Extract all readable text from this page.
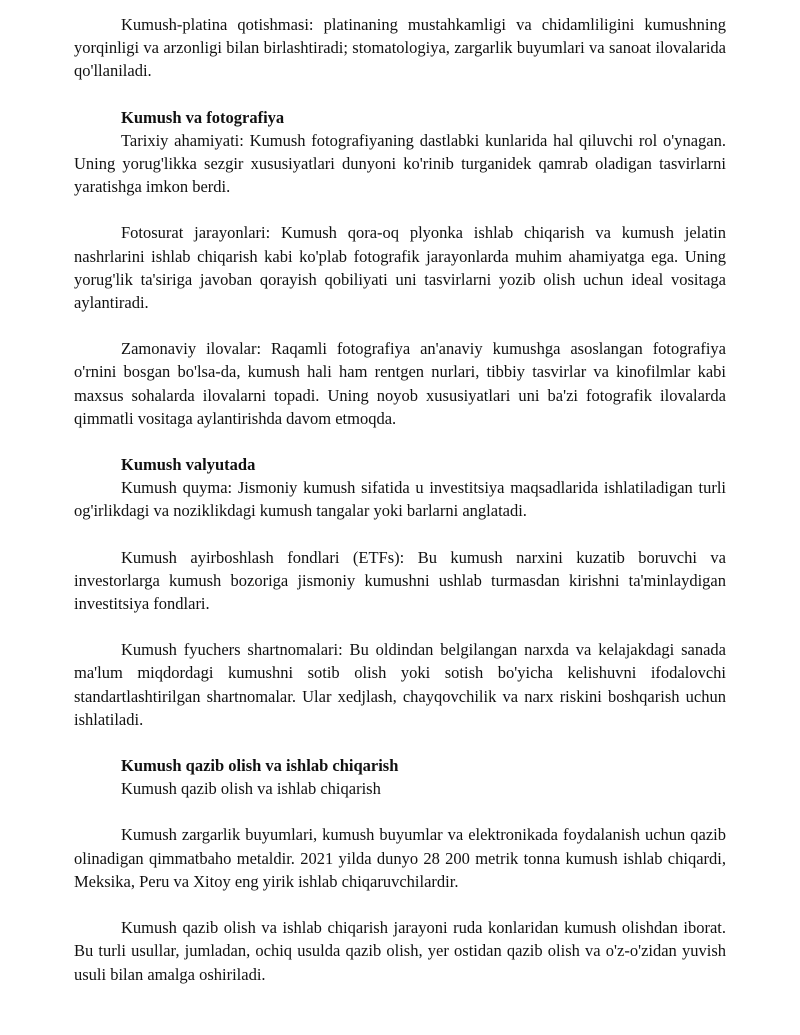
Kumush-platina qotishmasi: platinaning mustahkamligi va chidamliligini kumushning yorqinligi va arzonligi bilan birlashtiradi; stomatologiya, zargarlik buyumlari va sanoat ilovalarida qo'llaniladi.

Kumush va fotografiya

Tarixiy ahamiyati: Kumush fotografiyaning dastlabki kunlarida hal qiluvchi rol o'ynagan. Uning yorug'likka sezgir xususiyatlari dunyoni ko'rinib turganidek qamrab oladigan tasvirlarni yaratishga imkon berdi.

Fotosurat jarayonlari: Kumush qora-oq plyonka ishlab chiqarish va kumush jelatin nashrlarini ishlab chiqarish kabi ko'plab fotografik jarayonlarda muhim ahamiyatga ega. Uning yorug'lik ta'siriga javoban qorayish qobiliyati uni tasvirlarni yozib olish uchun ideal vositaga aylantiradi.

Zamonaviy ilovalar: Raqamli fotografiya an'anaviy kumushga asoslangan fotografiya o'rnini bosgan bo'lsa-da, kumush hali ham rentgen nurlari, tibbiy tasvirlar va kinofilmlar kabi maxsus sohalarda ilovalarni topadi. Uning noyob xususiyatlari uni ba'zi fotografik ilovalarda qimmatli vositaga aylantirishda davom etmoqda.

Kumush valyutada

Kumush quyma: Jismoniy kumush sifatida u investitsiya maqsadlarida ishlatiladigan turli og'irlikdagi va noziklikdagi kumush tangalar yoki barlarni anglatadi.

Kumush ayirboshlash fondlari (ETFs): Bu kumush narxini kuzatib boruvchi va investorlarga kumush bozoriga jismoniy kumushni ushlab turmasdan kirishni ta'minlaydigan investitsiya fondlari.

Kumush fyuchers shartnomalari: Bu oldindan belgilangan narxda va kelajakdagi sanada ma'lum miqdordagi kumushni sotib olish yoki sotish bo'yicha kelishuvni ifodalovchi standartlashtirilgan shartnomalar. Ular xedjlash, chayqovchilik va narx riskini boshqarish uchun ishlatiladi.

Kumush qazib olish va ishlab chiqarish

Kumush qazib olish va ishlab chiqarish

Kumush zargarlik buyumlari, kumush buyumlar va elektronikada foydalanish uchun qazib olinadigan qimmatbaho metaldir. 2021 yilda dunyo 28 200 metrik tonna kumush ishlab chiqardi, Meksika, Peru va Xitoy eng yirik ishlab chiqaruvchilardir.

Kumush qazib olish va ishlab chiqarish jarayoni ruda konlaridan kumush olishdan iborat. Bu turli usullar, jumladan, ochiq usulda qazib olish, yer ostidan qazib olish va o'z-o'zidan yuvish usuli bilan amalga oshiriladi.
